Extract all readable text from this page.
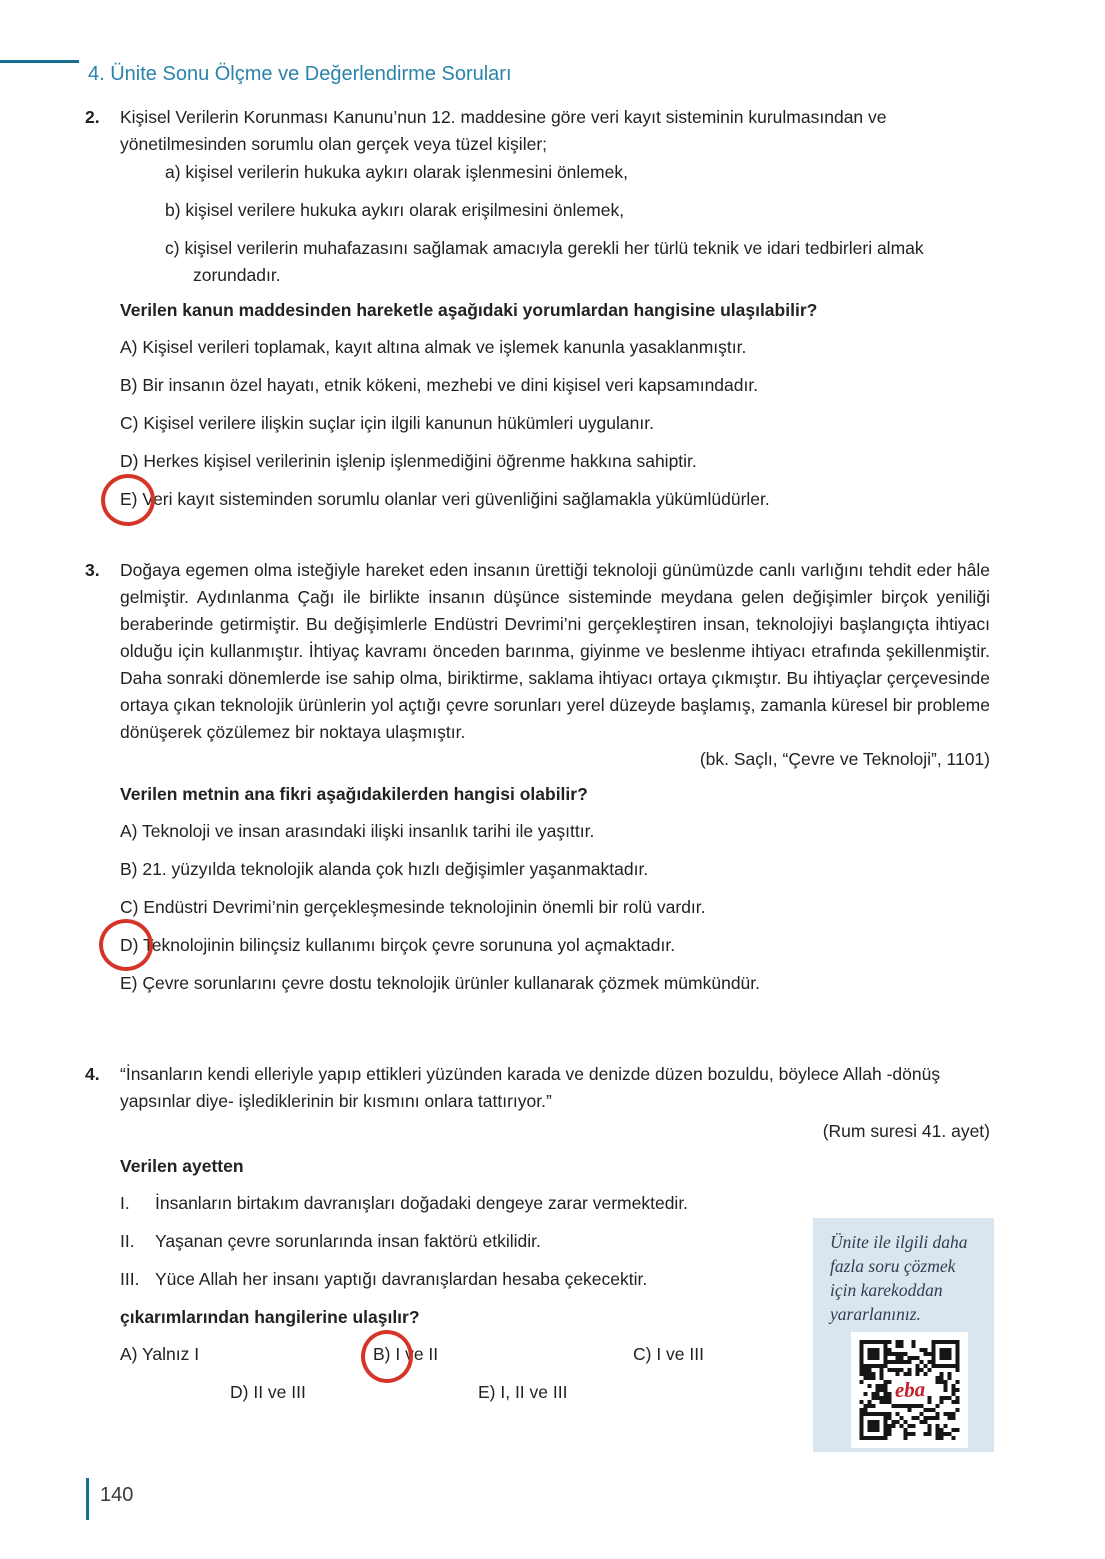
4. Ünite Sonu Ölçme ve Değerlendirme Soruları
2.	Kişisel Verilerin Korunması Kanunu’nun 12. maddesine göre veri kayıt sisteminin kurulmasından ve yönetilmesinden sorumlu olan gerçek veya tüzel kişiler;

a) kişisel verilerin hukuka aykırı olarak işlenmesini önlemek,
b) kişisel verilere hukuka aykırı olarak erişilmesini önlemek,
c) kişisel verilerin muhafazasını sağlamak amacıyla gerekli her türlü teknik ve idari tedbirleri almak zorundadır.

Verilen kanun maddesinden hareketle aşağıdaki yorumlardan hangisine ulaşılabilir?

A) Kişisel verileri toplamak, kayıt altına almak ve işlemek kanunla yasaklanmıştır.
B) Bir insanın özel hayatı, etnik kökeni, mezhebi ve dini kişisel veri kapsamındadır.
C) Kişisel verilere ilişkin suçlar için ilgili kanunun hükümleri uygulanır.
D) Herkes kişisel verilerinin işlenip işlenmediğini öğrenme hakkına sahiptir.
E) Veri kayıt sisteminden sorumlu olanlar veri güvenliğini sağlamakla yükümlüdürler.
3.	Doğaya egemen olma isteğiyle hareket eden insanın ürettiği teknoloji günümüzde canlı varlığını tehdit eder hâle gelmiştir. Aydınlanma Çağı ile birlikte insanın düşünce sisteminde meydana gelen değişimler birçok yeniliği beraberinde getirmiştir. Bu değişimlerle Endüstri Devrimi’ni gerçekleştiren insan, teknolojiyi başlangıçta ihtiyacı olduğu için kullanmıştır. İhtiyaç kavramı önceden barınma, giyinme ve beslenme ihtiyacı etrafında şekillenmiştir. Daha sonraki dönemlerde ise sahip olma, biriktirme, saklama ihtiyacı ortaya çıkmıştır. Bu ihtiyaçlar çerçevesinde ortaya çıkan teknolojik ürünlerin yol açtığı çevre sorunları yerel düzeyde başlamış, zamanla küresel bir probleme dönüşerek çözülemez bir noktaya ulaşmıştır.

(bk. Saçlı, “Çevre ve Teknoloji”, 1101)

Verilen metnin ana fikri aşağıdakilerden hangisi olabilir?

A) Teknoloji ve insan arasındaki ilişki insanlık tarihi ile yaşıttır.
B) 21. yüzyılda teknolojik alanda çok hızlı değişimler yaşanmaktadır.
C) Endüstri Devrimi’nin gerçekleşmesinde teknolojinin önemli bir rolü vardır.
D) Teknolojinin bilinçsiz kullanımı birçok çevre sorununa yol açmaktadır.
E) Çevre sorunlarını çevre dostu teknolojik ürünler kullanarak çözmek mümkündür.
4.	“İnsanların kendi elleriyle yapıp ettikleri yüzünden karada ve denizde düzen bozuldu, böylece Allah -dönüş yapsınlar diye- işlediklerinin bir kısmını onlara tattırıyor.”

(Rum suresi 41. ayet)

Verilen ayetten

I.	İnsanların birtakım davranışları doğadaki dengeye zarar vermektedir.
II.	Yaşanan çevre sorunlarında insan faktörü etkilidir.
III. Yüce Allah her insanı yaptığı davranışlardan hesaba çekecektir.

çıkarımlarından hangilerine ulaşılır?

A) Yalnız I	B) I ve II	C) I ve III
D) II ve III	E) I, II ve III

Ünite ile ilgili daha fazla soru çözmek için karekoddan yararlanınız.

eba
140
